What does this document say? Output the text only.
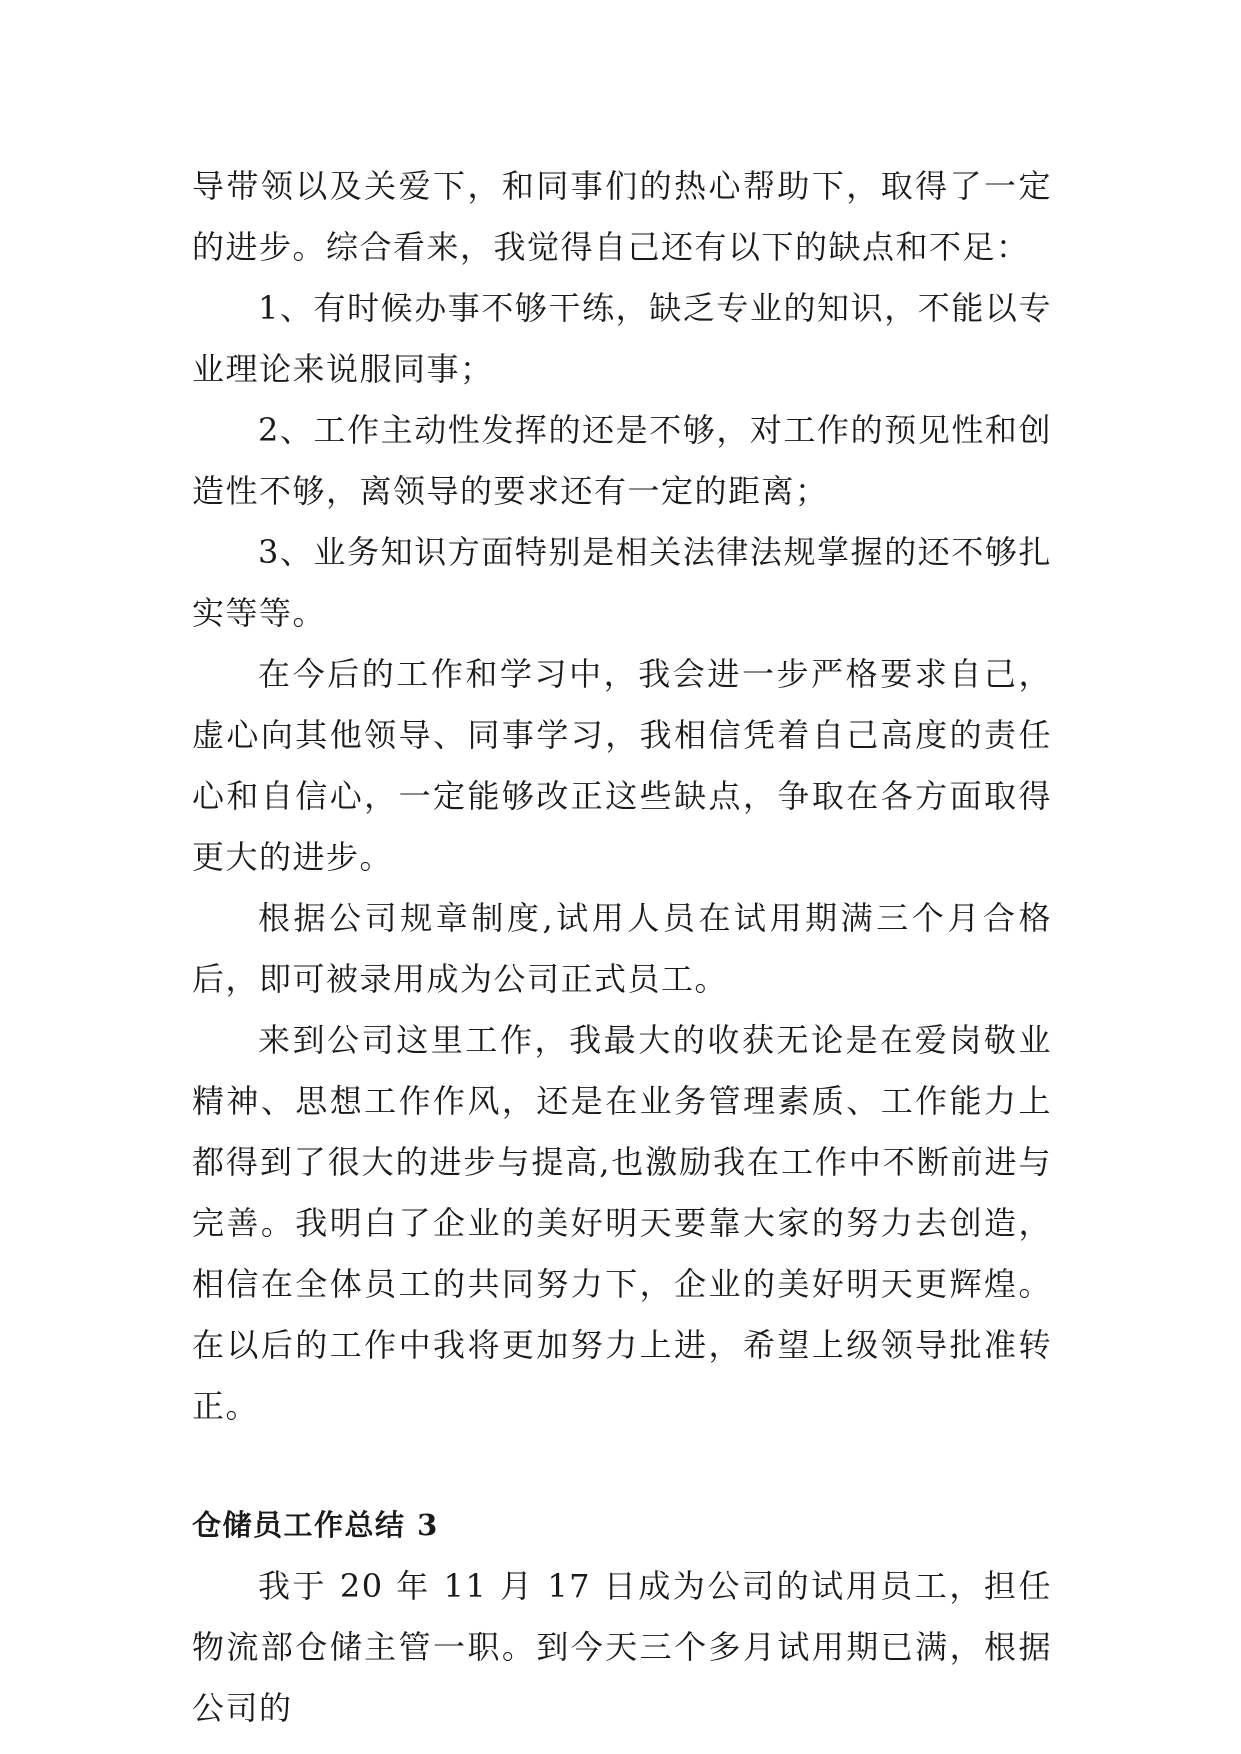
导带领以及关爱下，和同事们的热心帮助下，取得了一定的进步。综合看来，我觉得自己还有以下的缺点和不足：

1、有时候办事不够干练，缺乏专业的知识，不能以专业理论来说服同事；

2、工作主动性发挥的还是不够，对工作的预见性和创造性不够，离领导的要求还有一定的距离；

3、业务知识方面特别是相关法律法规掌握的还不够扎实等等。

在今后的工作和学习中，我会进一步严格要求自己，虚心向其他领导、同事学习，我相信凭着自己高度的责任心和自信心，一定能够改正这些缺点，争取在各方面取得更大的进步。

根据公司规章制度,试用人员在试用期满三个月合格后，即可被录用成为公司正式员工。

来到公司这里工作，我最大的收获无论是在爱岗敬业精神、思想工作作风，还是在业务管理素质、工作能力上都得到了很大的进步与提高,也激励我在工作中不断前进与完善。我明白了企业的美好明天要靠大家的努力去创造，相信在全体员工的共同努力下，企业的美好明天更辉煌。在以后的工作中我将更加努力上进，希望上级领导批准转正。

仓储员工作总结 3

我于 20 年 11 月 17 日成为公司的试用员工，担任物流部仓储主管一职。到今天三个多月试用期已满，根据公司的
